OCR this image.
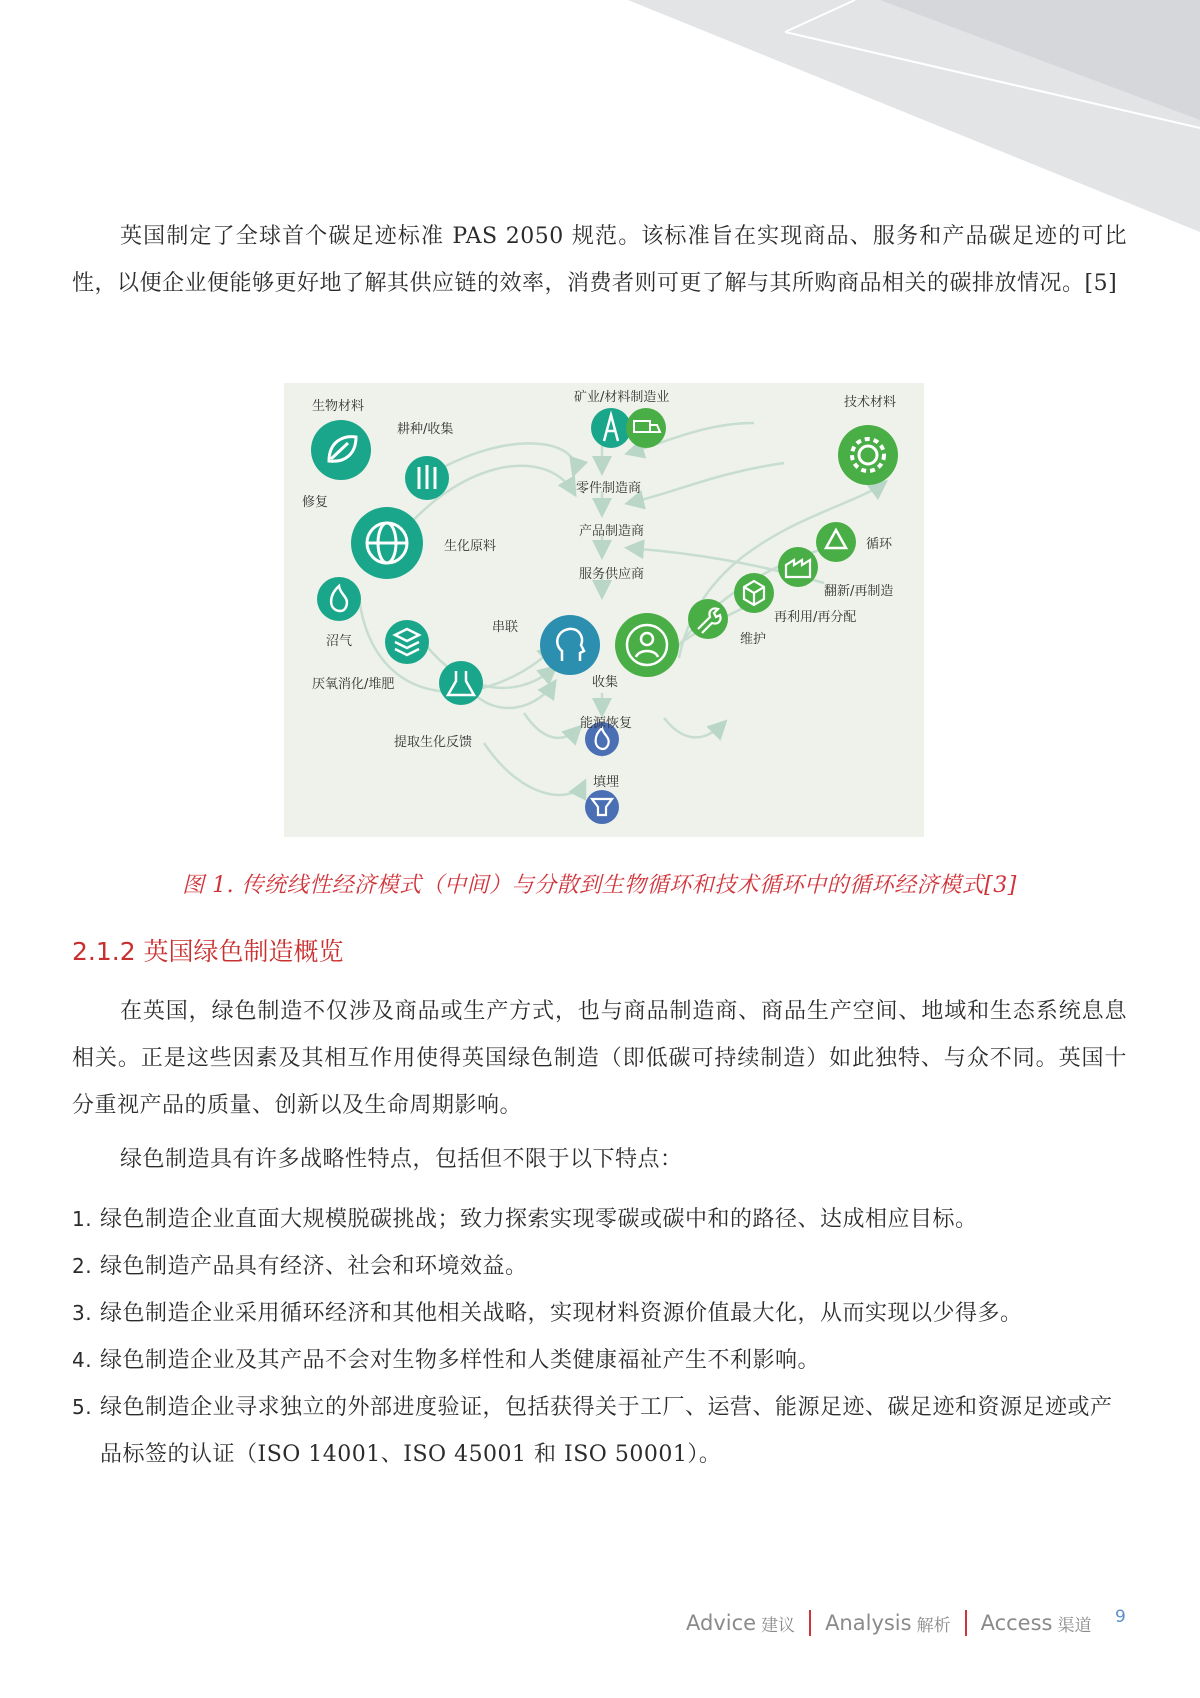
英国制定了全球首个碳足迹标准 PAS 2050 规范。该标准旨在实现商品、服务和产品碳足迹的可比性，以便企业便能够更好地了解其供应链的效率，消费者则可更了解与其所购商品相关的碳排放情况。[5]

生物材料
耕种/收集
修复
生化原料
沼气
厌氧消化/堆肥
提取生化反馈
串联
矿业/材料制造业
零件制造商
产品制造商
服务供应商
收集
能源恢复
填埋
技术材料
循环
翻新/再制造
再利用/再分配
维护
图 1. 传统线性经济模式（中间）与分散到生物循环和技术循环中的循环经济模式[3]
2.1.2 英国绿色制造概览

在英国，绿色制造不仅涉及商品或生产方式，也与商品制造商、商品生产空间、地域和生态系统息息相关。正是这些因素及其相互作用使得英国绿色制造（即低碳可持续制造）如此独特、与众不同。英国十分重视产品的质量、创新以及生命周期影响。

绿色制造具有许多战略性特点，包括但不限于以下特点：

1. 绿色制造企业直面大规模脱碳挑战；致力探索实现零碳或碳中和的路径、达成相应目标。
2. 绿色制造产品具有经济、社会和环境效益。
3. 绿色制造企业采用循环经济和其他相关战略，实现材料资源价值最大化，从而实现以少得多。
4. 绿色制造企业及其产品不会对生物多样性和人类健康福祉产生不利影响。
5. 绿色制造企业寻求独立的外部进度验证，包括获得关于工厂、运营、能源足迹、碳足迹和资源足迹或产品标签的认证（ISO 14001、ISO 45001 和 ISO 50001）。
Advice 建议 Analysis 解析 Access 渠道 9
